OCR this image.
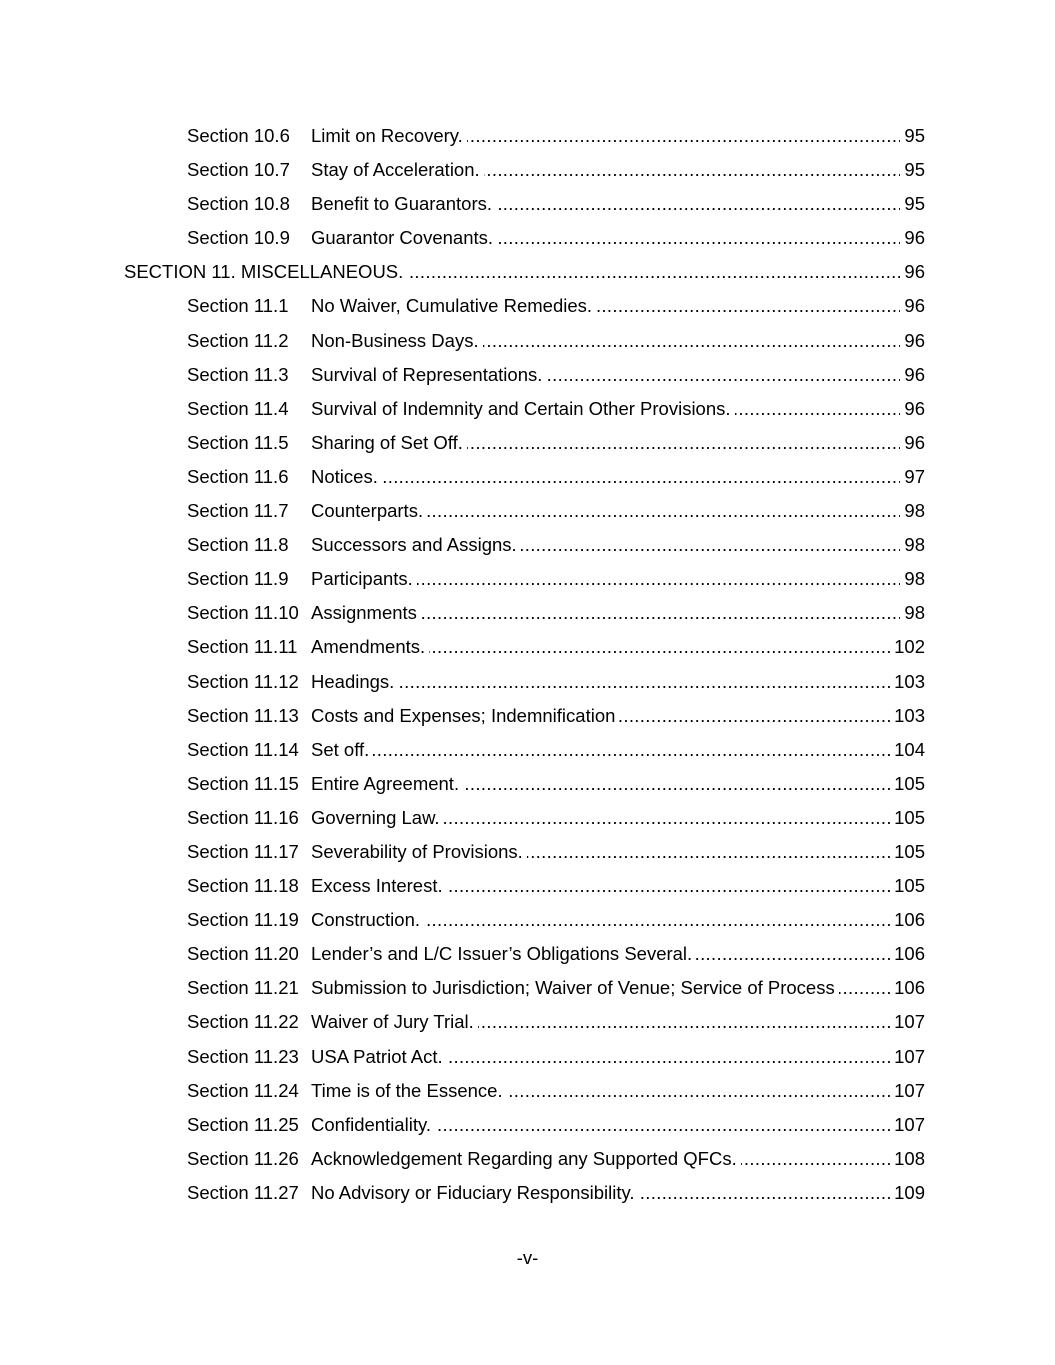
Section 10.6 Limit on Recovery. . . .	95
Section 10.7 Stay of Acceleration. . . .	95
Section 10.8 Benefit to Guarantors. . . .	95
Section 10.9 Guarantor Covenants. . . .	96
SECTION 11. MISCELLANEOUS. . . .	96
Section 11.1 No Waiver, Cumulative Remedies. . . .	96
Section 11.2 Non-Business Days. . . .	96
Section 11.3 Survival of Representations. . . .	96
Section 11.4 Survival of Indemnity and Certain Other Provisions. . . .	96
Section 11.5 Sharing of Set Off. . . .	96
Section 11.6 Notices. . . .	97
Section 11.7 Counterparts. . . .	98
Section 11.8 Successors and Assigns. . . .	98
Section 11.9 Participants. . . .	98
Section 11.10 Assignments . . .	98
Section 11.11 Amendments. . . .	102
Section 11.12 Headings. . . .	103
Section 11.13 Costs and Expenses; Indemnification . . .	103
Section 11.14 Set off. . . .	104
Section 11.15 Entire Agreement. . . .	105
Section 11.16 Governing Law. . . .	105
Section 11.17 Severability of Provisions. . . .	105
Section 11.18 Excess Interest. . . .	105
Section 11.19 Construction. . . .	106
Section 11.20 Lender’s and L/C Issuer’s Obligations Several. . . .	106
Section 11.21 Submission to Jurisdiction; Waiver of Venue; Service of Process . . .	106
Section 11.22 Waiver of Jury Trial. . . .	107
Section 11.23 USA Patriot Act. . . .	107
Section 11.24 Time is of the Essence. . . .	107
Section 11.25 Confidentiality. . . .	107
Section 11.26 Acknowledgement Regarding any Supported QFCs. . . .	108
Section 11.27 No Advisory or Fiduciary Responsibility. . . .	109
-v-
